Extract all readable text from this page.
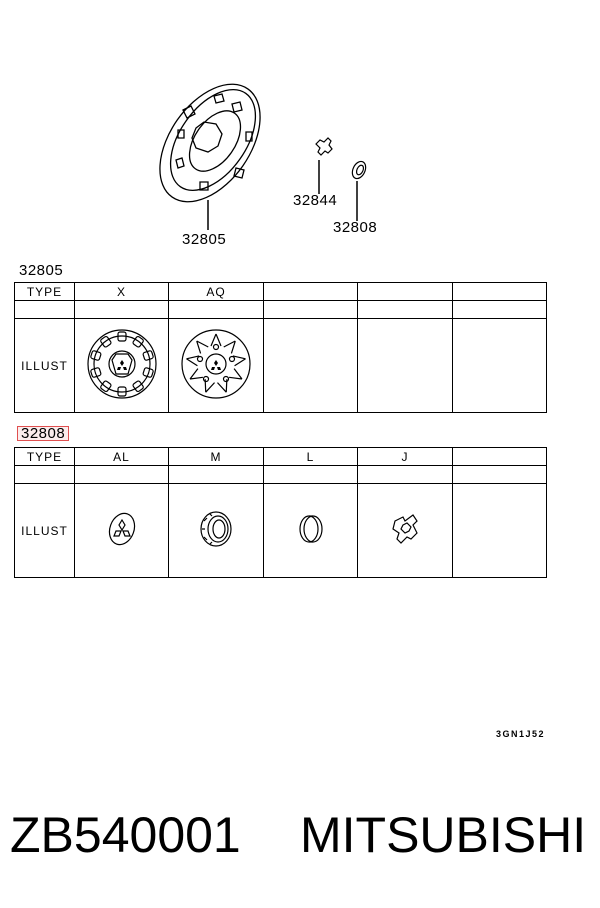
32805
32844
32808
32805
TYPE	X	AQ			

ILLUST					
32808
TYPE	AL	M	L	J	

ILLUST					
3GN1J52
ZB540001 MITSUBISHI
